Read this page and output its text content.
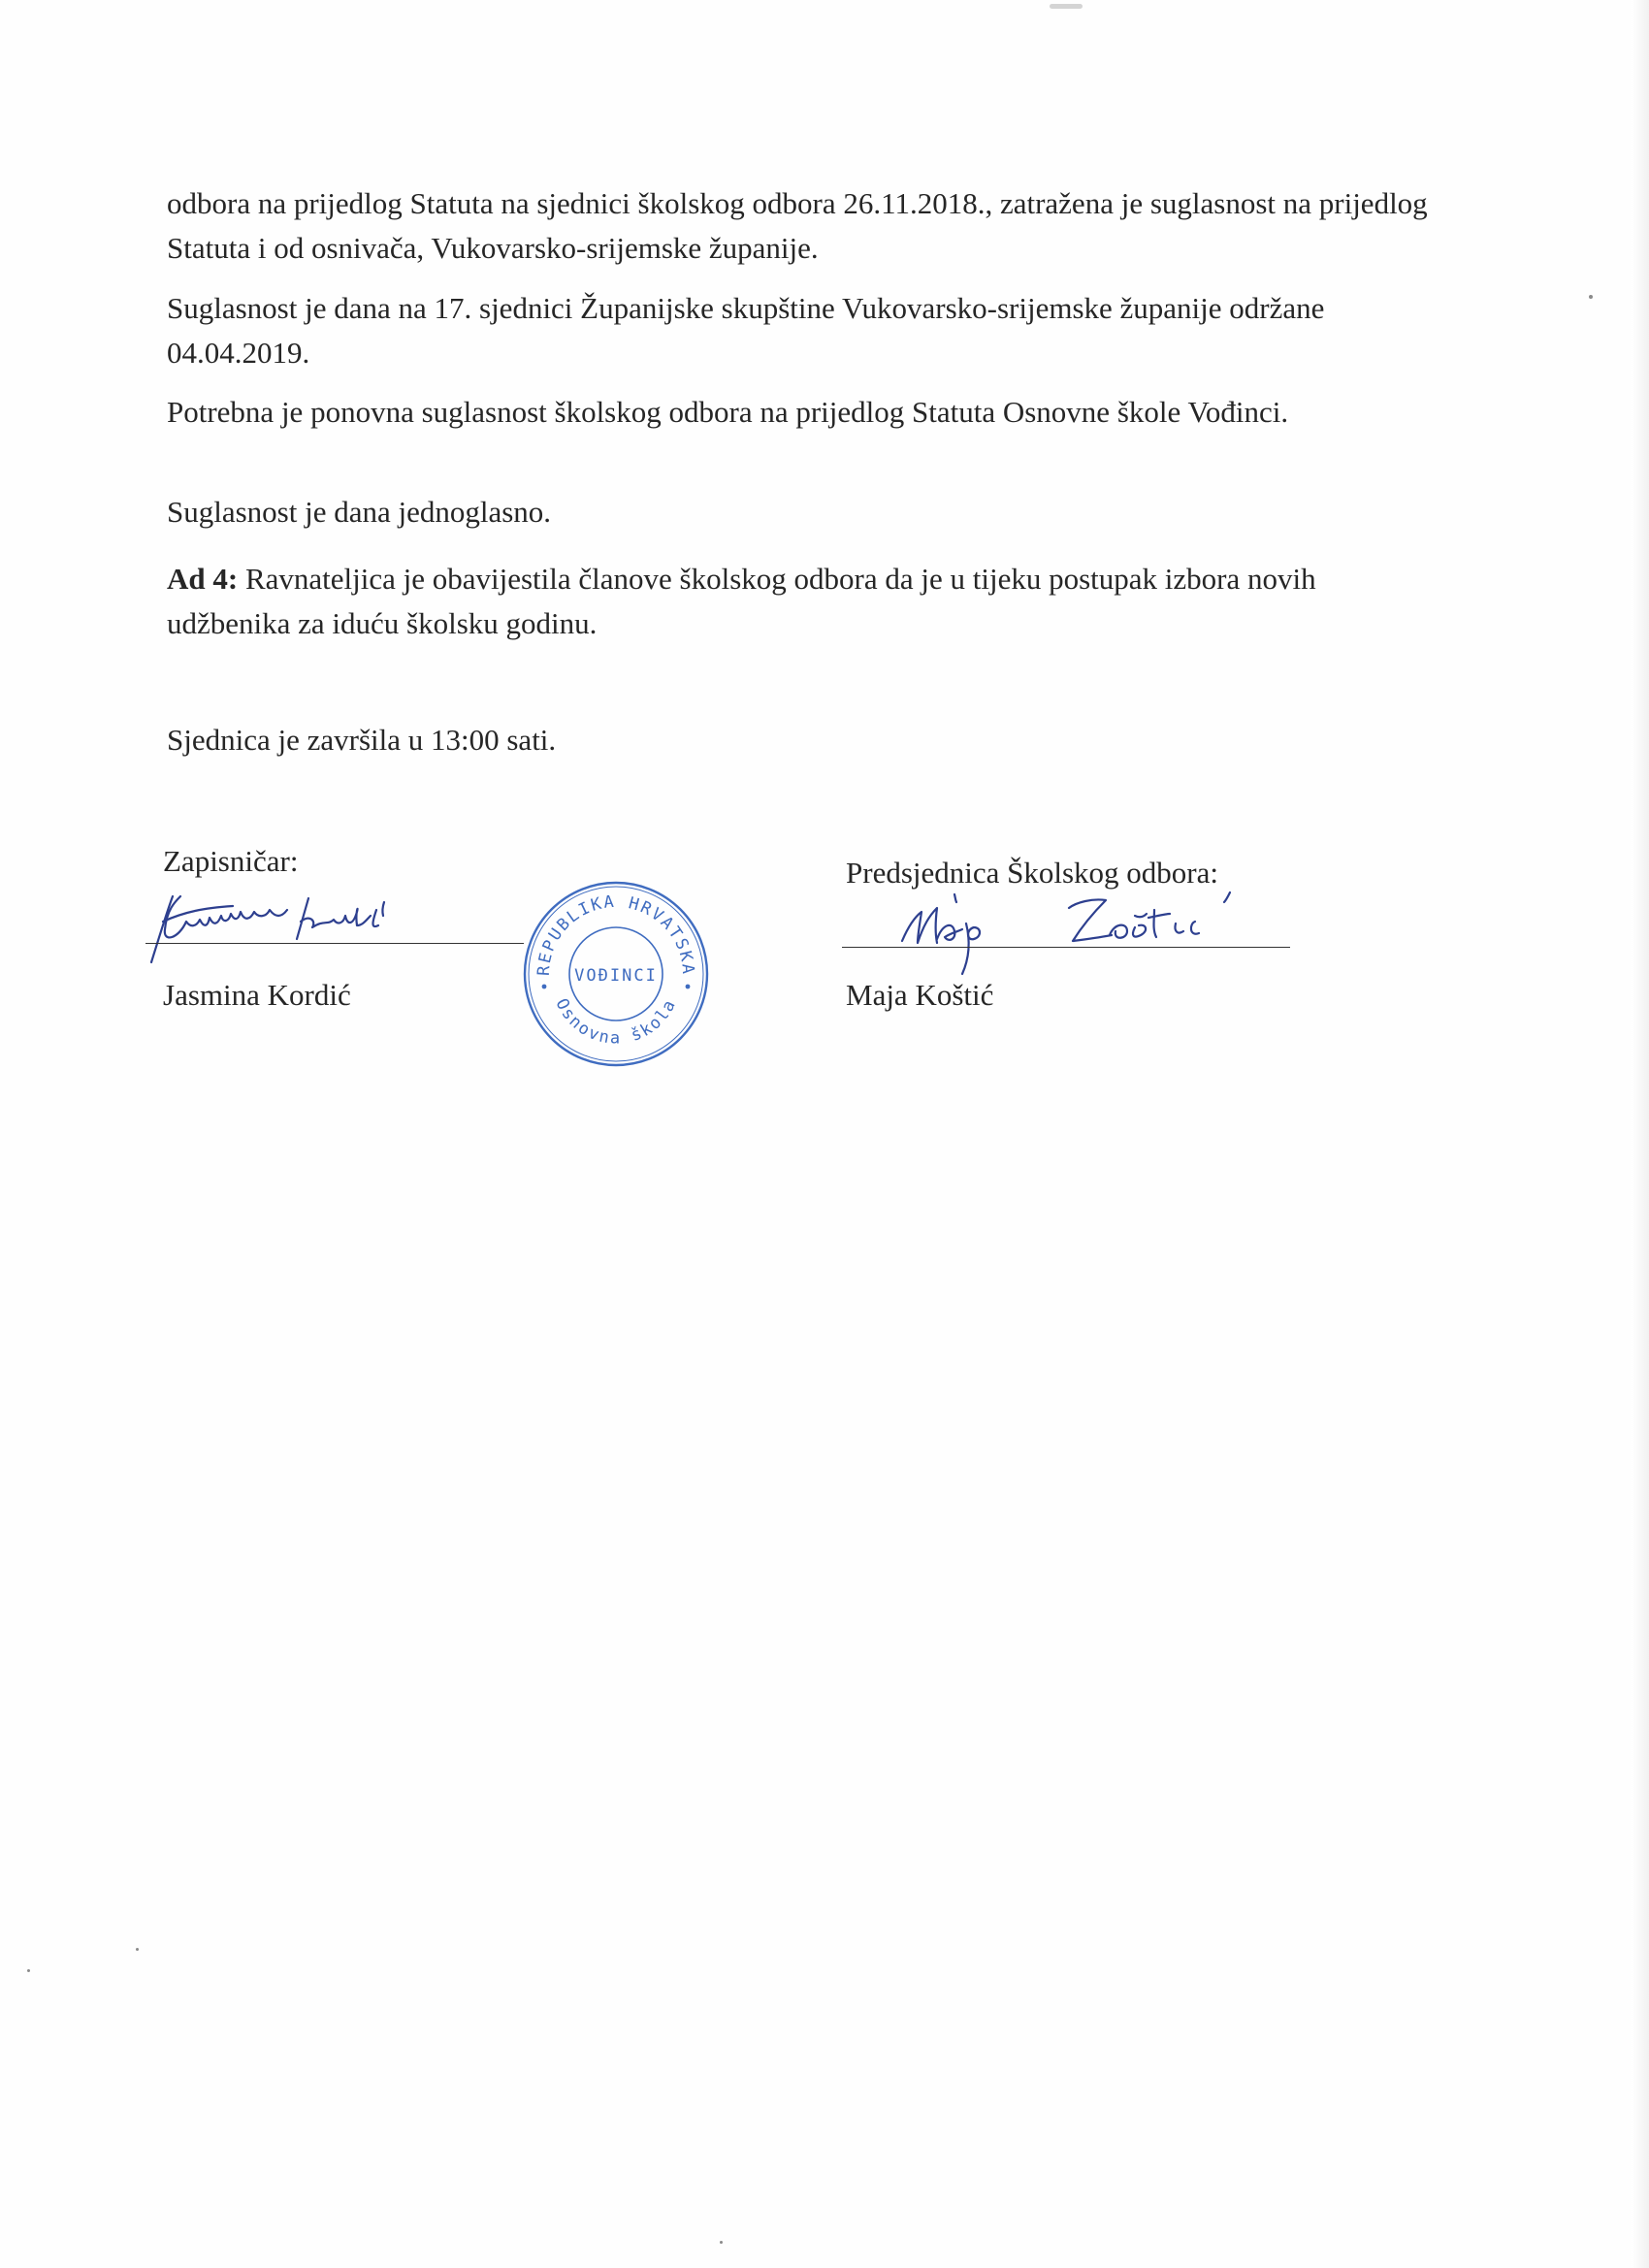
odbora na prijedlog Statuta na sjednici školskog odbora 26.11.2018., zatražena je suglasnost na prijedlog Statuta i od osnivača, Vukovarsko-srijemske županije.

Suglasnost je dana na 17. sjednici Županijske skupštine Vukovarsko-srijemske županije održane 04.04.2019.

Potrebna je ponovna suglasnost školskog odbora na prijedlog Statuta Osnovne škole Vođinci.

Suglasnost je dana jednoglasno.

Ad 4: Ravnateljica je obavijestila članove školskog odbora da je u tijeku postupak izbora novih udžbenika za iduću školsku godinu.

Sjednica je završila u 13:00 sati.

Zapisničar:

Jasmina Kordić

REPUBLIKA HRVATSKA
VOĐINCI
Osnovna škola

Predsjednica Školskog odbora:

Maja Koštić
